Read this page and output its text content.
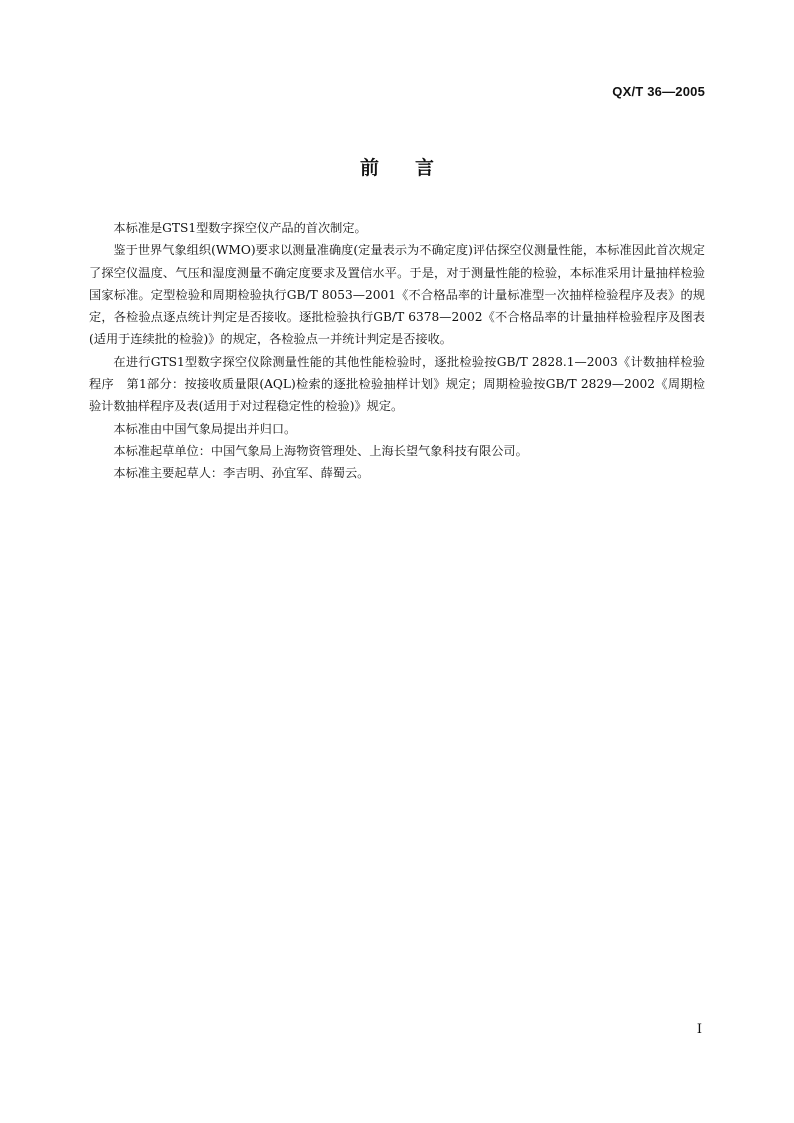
QX/T 36—2005
前言

本标准是GTS1型数字探空仪产品的首次制定。

鉴于世界气象组织(WMO)要求以测量准确度(定量表示为不确定度)评估探空仪测量性能，本标准因此首次规定了探空仪温度、气压和湿度测量不确定度要求及置信水平。于是，对于测量性能的检验，本标准采用计量抽样检验国家标准。定型检验和周期检验执行GB/T 8053—2001《不合格品率的计量标准型一次抽样检验程序及表》的规定，各检验点逐点统计判定是否接收。逐批检验执行GB/T 6378—2002《不合格品率的计量抽样检验程序及图表(适用于连续批的检验)》的规定，各检验点一并统计判定是否接收。

在进行GTS1型数字探空仪除测量性能的其他性能检验时，逐批检验按GB/T 2828.1—2003《计数抽样检验程序　第1部分：按接收质量限(AQL)检索的逐批检验抽样计划》规定；周期检验按GB/T 2829—2002《周期检验计数抽样程序及表(适用于对过程稳定性的检验)》规定。

本标准由中国气象局提出并归口。

本标准起草单位：中国气象局上海物资管理处、上海长望气象科技有限公司。

本标准主要起草人：李吉明、孙宜军、薛蜀云。

I
